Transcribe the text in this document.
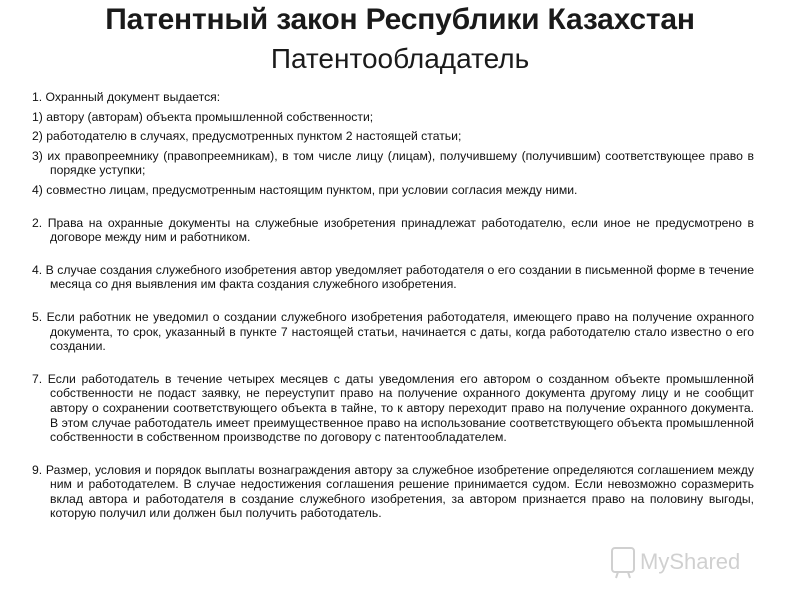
Патентный закон Республики Казахстан
Патентообладатель

1. Охранный документ выдается:

1) автору (авторам) объекта промышленной собственности;

2) работодателю в случаях, предусмотренных пунктом 2 настоящей статьи;

3) их правопреемнику (правопреемникам), в том числе лицу (лицам), получившему (получившим) соответствующее право в порядке уступки;

4) совместно лицам, предусмотренным настоящим пунктом, при условии согласия между ними.

2. Права на охранные документы на служебные изобретения принадлежат работодателю, если иное не предусмотрено в договоре между ним и работником.

4. В случае создания служебного изобретения автор уведомляет работодателя о его создании в письменной форме в течение месяца со дня выявления им факта создания служебного изобретения.

5. Если работник не уведомил о создании служебного изобретения работодателя, имеющего право на получение охранного документа, то срок, указанный в пункте 7 настоящей статьи, начинается с даты, когда работодателю стало известно о его создании.

7. Если работодатель в течение четырех месяцев с даты уведомления его автором о созданном объекте промышленной собственности не подаст заявку, не переуступит право на получение охранного документа другому лицу и не сообщит автору о сохранении соответствующего объекта в тайне, то к автору переходит право на получение охранного документа. В этом случае работодатель имеет преимущественное право на использование соответствующего объекта промышленной собственности в собственном производстве по договору с патентообладателем.

9. Размер, условия и порядок выплаты вознаграждения автору за служебное изобретение определяются соглашением между ним и работодателем. В случае недостижения соглашения решение принимается судом. Если невозможно соразмерить вклад автора и работодателя в создание служебного изобретения, за автором признается право на половину выгоды, которую получил или должен был получить работодатель.

MyShared
